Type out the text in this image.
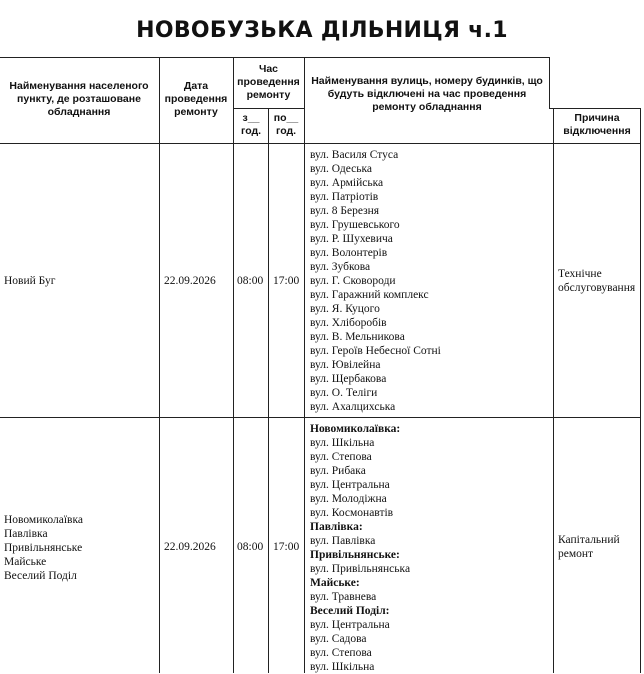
НОВОБУЗЬКА ДІЛЬНИЦЯ ч.1
Найменування населеного пункту, де розташоване обладнання
Дата проведення ремонту
Час проведення ремонту
з__ год.
по__ год.
Найменування вулиць, номеру будинків, що будуть відключені на час проведення ремонту обладнання
Причина відключення
Новий Буг	22.09.2026 08:00 17:00
Технічне обслуговування
вул. Василя Стуса
вул. Одеська
вул. Армійська
вул. Патріотів
вул. 8 Березня
вул. Грушевського
вул. Р. Шухевича
вул. Волонтерів
вул. Зубкова
вул. Г. Сковороди
вул. Гаражний комплекс
вул. Я. Куцого
вул. Хліборобів
вул. В. Мельникова
вул. Героїв Небесної Сотні
вул. Ювілейна
вул. Щербакова
вул. О. Теліги
вул. Ахалцихська
Новомиколаївка
Павлівка
Привільнянське
Майське
Веселий Поділ
22.09.2026 08:00 17:00
Капітальний ремонт
Новомиколаївка:
вул. Шкільна
вул. Степова
вул. Рибака
вул. Центральна
вул. Молодіжна
вул. Космонавтів
Павлівка:
вул. Павлівка
Привільнянське:
вул. Привільнянська
Майське:
вул. Травнева
Веселий Поділ:
вул. Центральна
вул. Садова
вул. Степова
вул. Шкільна
